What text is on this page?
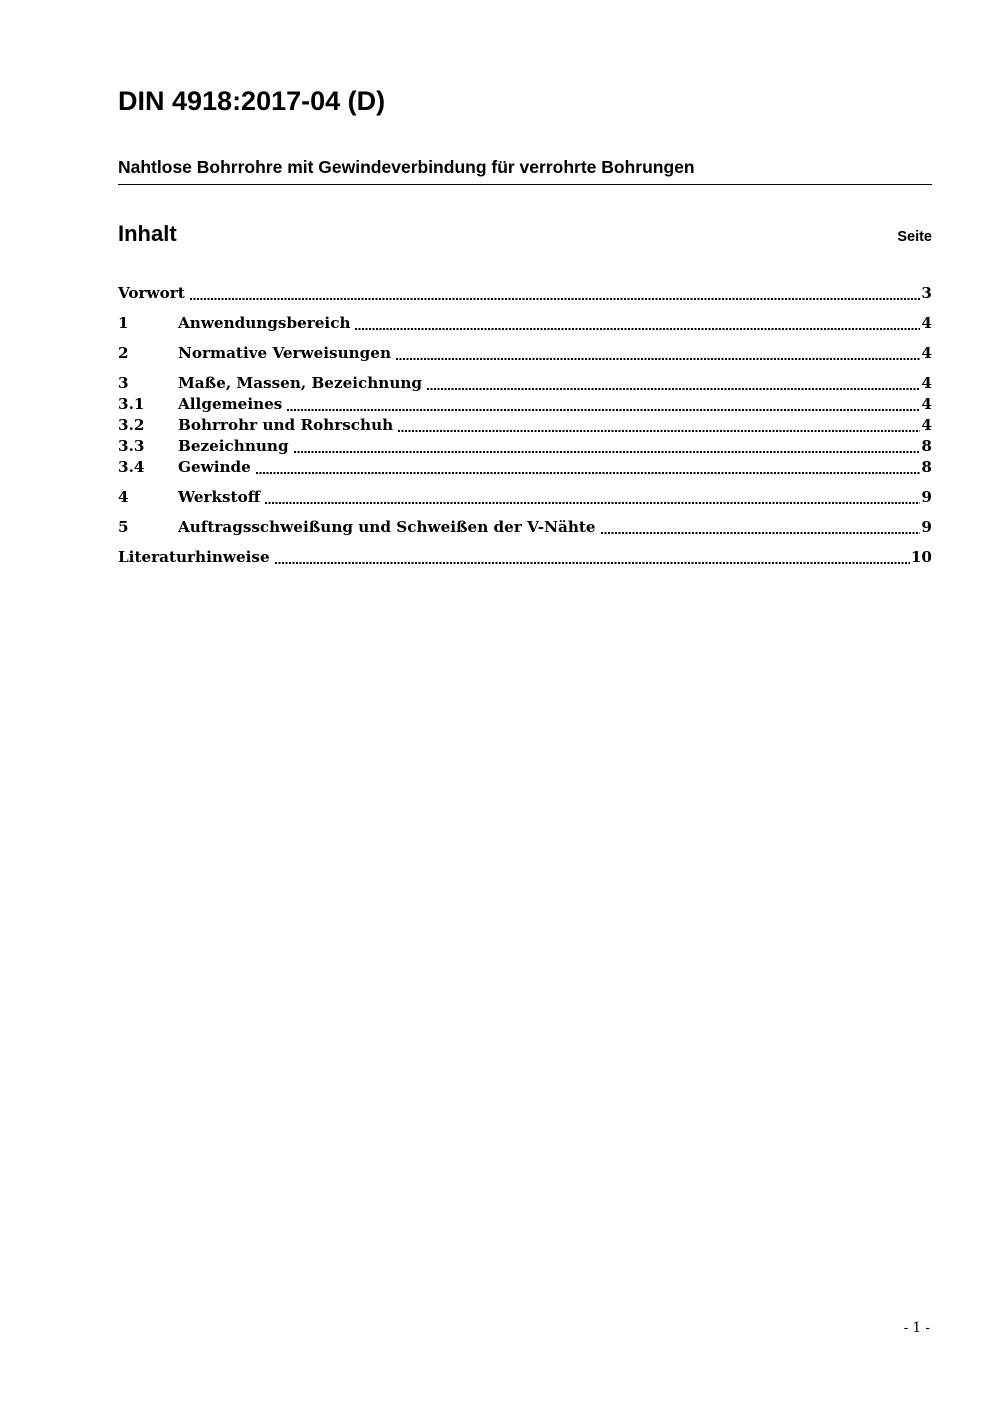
DIN 4918:2017-04 (D)
Nahtlose Bohrrohre mit Gewindeverbindung für verrohrte Bohrungen
Inhalt	Seite
Vorwort	3
1	Anwendungsbereich	4
2	Normative Verweisungen	4
3	Maße, Massen, Bezeichnung	4
3.1	Allgemeines	4
3.2	Bohrrohr und Rohrschuh	4
3.3	Bezeichnung	8
3.4	Gewinde	8
4	Werkstoff	9
5	Auftragsschweißung und Schweißen der V-Nähte	9
Literaturhinweise	10
- 1 -
